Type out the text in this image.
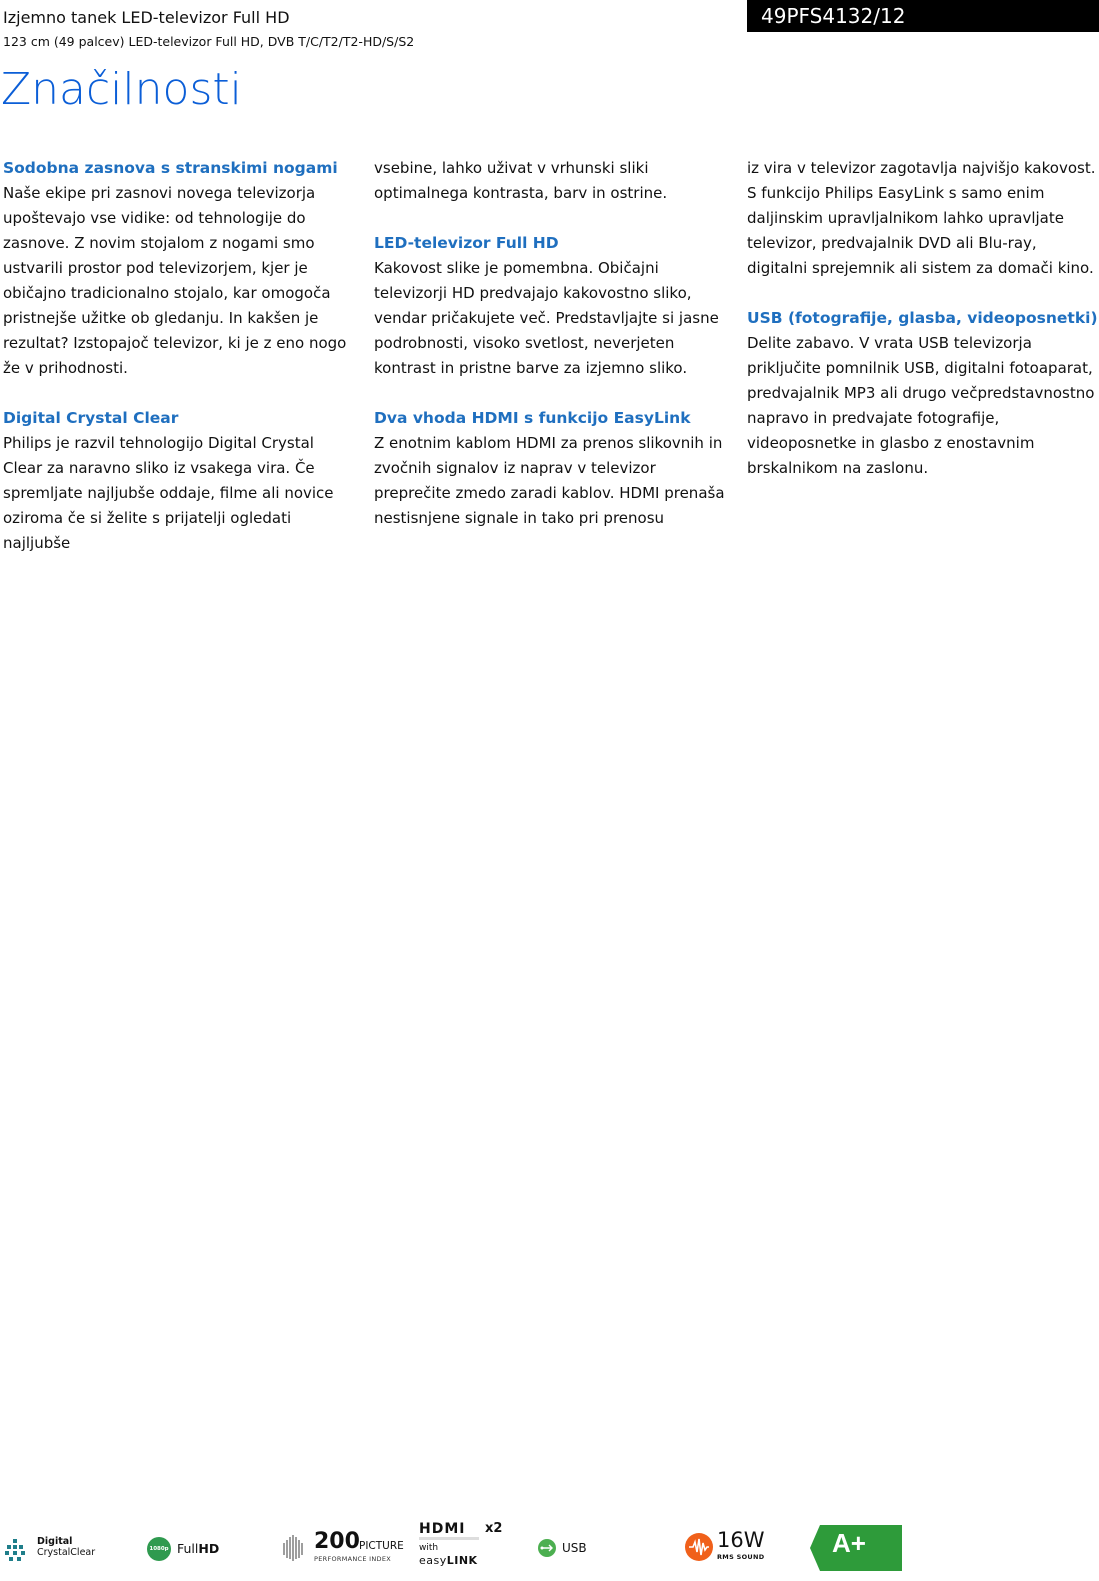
Izjemno tanek LED-televizor Full HD
123 cm (49 palcev) LED-televizor Full HD, DVB T/C/T2/T2-HD/S/S2
49PFS4132/12
Značilnosti

Sodobna zasnova s stranskimi nogami

Naše ekipe pri zasnovi novega televizorja upoštevajo vse vidike: od tehnologije do zasnove. Z novim stojalom z nogami smo ustvarili prostor pod televizorjem, kjer je običajno tradicionalno stojalo, kar omogoča pristnejše užitke ob gledanju. In kakšen je rezultat? Izstopajoč televizor, ki je z eno nogo že v prihodnosti.

Digital Crystal Clear

Philips je razvil tehnologijo Digital Crystal Clear za naravno sliko iz vsakega vira. Če spremljate najljubše oddaje, filme ali novice oziroma če si želite s prijatelji ogledati najljubše

vsebine, lahko uživat v vrhunski sliki optimalnega kontrasta, barv in ostrine.

LED-televizor Full HD

Kakovost slike je pomembna. Običajni televizorji HD predvajajo kakovostno sliko, vendar pričakujete več. Predstavljajte si jasne podrobnosti, visoko svetlost, neverjeten kontrast in pristne barve za izjemno sliko.

Dva vhoda HDMI s funkcijo EasyLink

Z enotnim kablom HDMI za prenos slikovnih in zvočnih signalov iz naprav v televizor preprečite zmedo zaradi kablov. HDMI prenaša nestisnjene signale in tako pri prenosu

iz vira v televizor zagotavlja najvišjo kakovost. S funkcijo Philips EasyLink s samo enim daljinskim upravljalnikom lahko upravljate televizor, predvajalnik DVD ali Blu-ray, digitalni sprejemnik ali sistem za domači kino.

USB (fotografije, glasba, videoposnetki)

Delite zabavo. V vrata USB televizorja priključite pomnilnik USB, digitalni fotoaparat, predvajalnik MP3 ali drugo večpredstavnostno napravo in predvajate fotografije, videoposnetke in glasbo z enostavnim brskalnikom na zaslonu.

Digital
CrystalClear	1080p FullHD	200 PICTURE
PERFORMANCE INDEX
HDMI x2
with
easyLINK
USB	16W
RMS SOUND	A+
